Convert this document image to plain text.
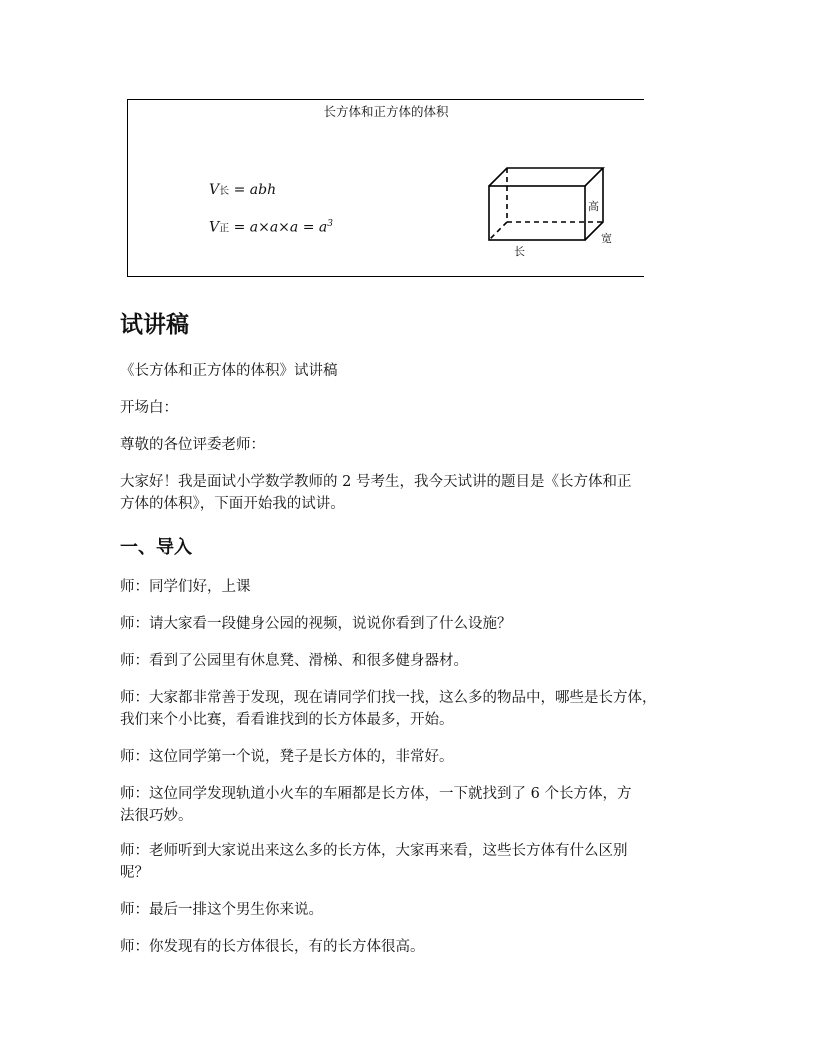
长方体和正方体的体积
V长 = abh
V正 = $a\times a\times a = a^3$
长
宽
高
试讲稿
《长方体和正方体的体积》试讲稿
开场白：
尊敬的各位评委老师：
大家好！我是面试小学数学教师的 2 号考生，我今天试讲的题目是《长方体和正
方体的体积》，下面开始我的试讲。
一、导入
师：同学们好，上课
师：请大家看一段健身公园的视频，说说你看到了什么设施？
师：看到了公园里有休息凳、滑梯、和很多健身器材。
师：大家都非常善于发现，现在请同学们找一找，这么多的物品中，哪些是长方体，
我们来个小比赛，看看谁找到的长方体最多，开始。
师：这位同学第一个说，凳子是长方体的，非常好。
师：这位同学发现轨道小火车的车厢都是长方体，一下就找到了 6 个长方体，方
法很巧妙。
师：老师听到大家说出来这么多的长方体，大家再来看，这些长方体有什么区别
呢？
师：最后一排这个男生你来说。
师：你发现有的长方体很长，有的长方体很高。
